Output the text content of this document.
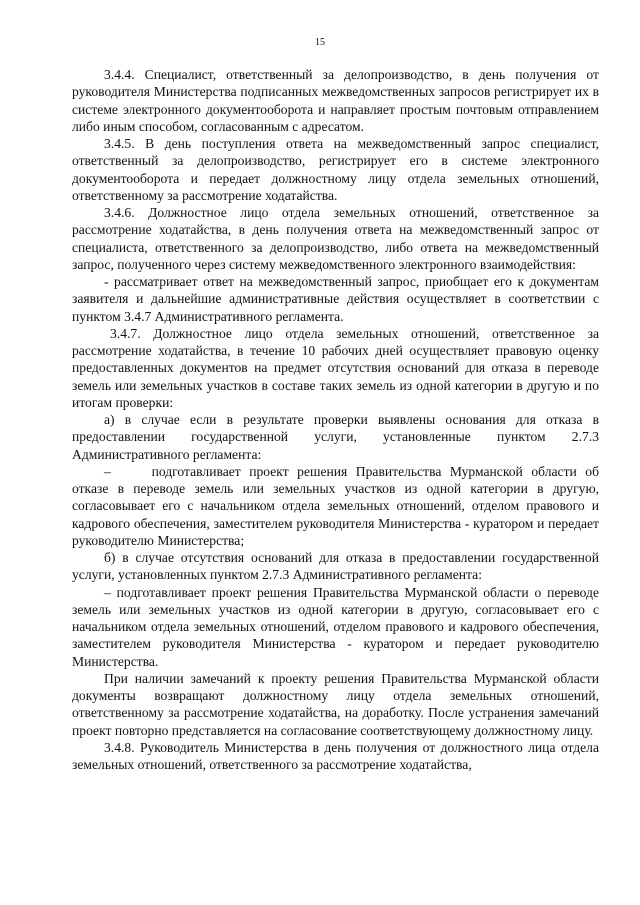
15

3.4.4. Специалист, ответственный за делопроизводство, в день получения от руководителя Министерства подписанных межведомственных запросов регистрирует их в системе электронного документооборота и направляет простым почтовым отправлением либо иным способом, согласованным с адресатом.

3.4.5. В день поступления ответа на межведомственный запрос специалист, ответственный за делопроизводство, регистрирует его в системе электронного документооборота и передает должностному лицу отдела земельных отношений, ответственному за рассмотрение ходатайства.

3.4.6. Должностное лицо отдела земельных отношений, ответственное за рассмотрение ходатайства, в день получения ответа на межведомственный запрос от специалиста, ответственного за делопроизводство, либо ответа на межведомственный запрос, полученного через систему межведомственного электронного взаимодействия:

- рассматривает ответ на межведомственный запрос, приобщает его к документам заявителя и дальнейшие административные действия осуществляет в соответствии с пунктом 3.4.7 Административного регламента.

3.4.7. Должностное лицо отдела земельных отношений, ответственное за рассмотрение ходатайства, в течение 10 рабочих дней осуществляет правовую оценку предоставленных документов на предмет отсутствия оснований для отказа в переводе земель или земельных участков в составе таких земель из одной категории в другую и по итогам проверки:

а) в случае если в результате проверки выявлены основания для отказа в предоставлении государственной услуги, установленные пунктом 2.7.3 Административного регламента:

–   подготавливает проект решения Правительства Мурманской области об отказе в переводе земель или земельных участков из одной категории в другую, согласовывает его с начальником отдела земельных отношений, отделом правового и кадрового обеспечения, заместителем руководителя Министерства - куратором и передает руководителю Министерства;

б) в случае отсутствия оснований для отказа в предоставлении государственной услуги, установленных пунктом 2.7.3 Административного регламента:

– подготавливает проект решения Правительства Мурманской области о переводе земель или земельных участков из одной категории в другую, согласовывает его с начальником отдела земельных отношений, отделом правового и кадрового обеспечения, заместителем руководителя Министерства - куратором и передает руководителю Министерства.

При наличии замечаний к проекту решения Правительства Мурманской области документы возвращают должностному лицу отдела земельных отношений, ответственному за рассмотрение ходатайства, на доработку. После устранения замечаний проект повторно представляется на согласование соответствующему должностному лицу.

3.4.8. Руководитель Министерства в день получения от должностного лица отдела земельных отношений, ответственного за рассмотрение ходатайства,
